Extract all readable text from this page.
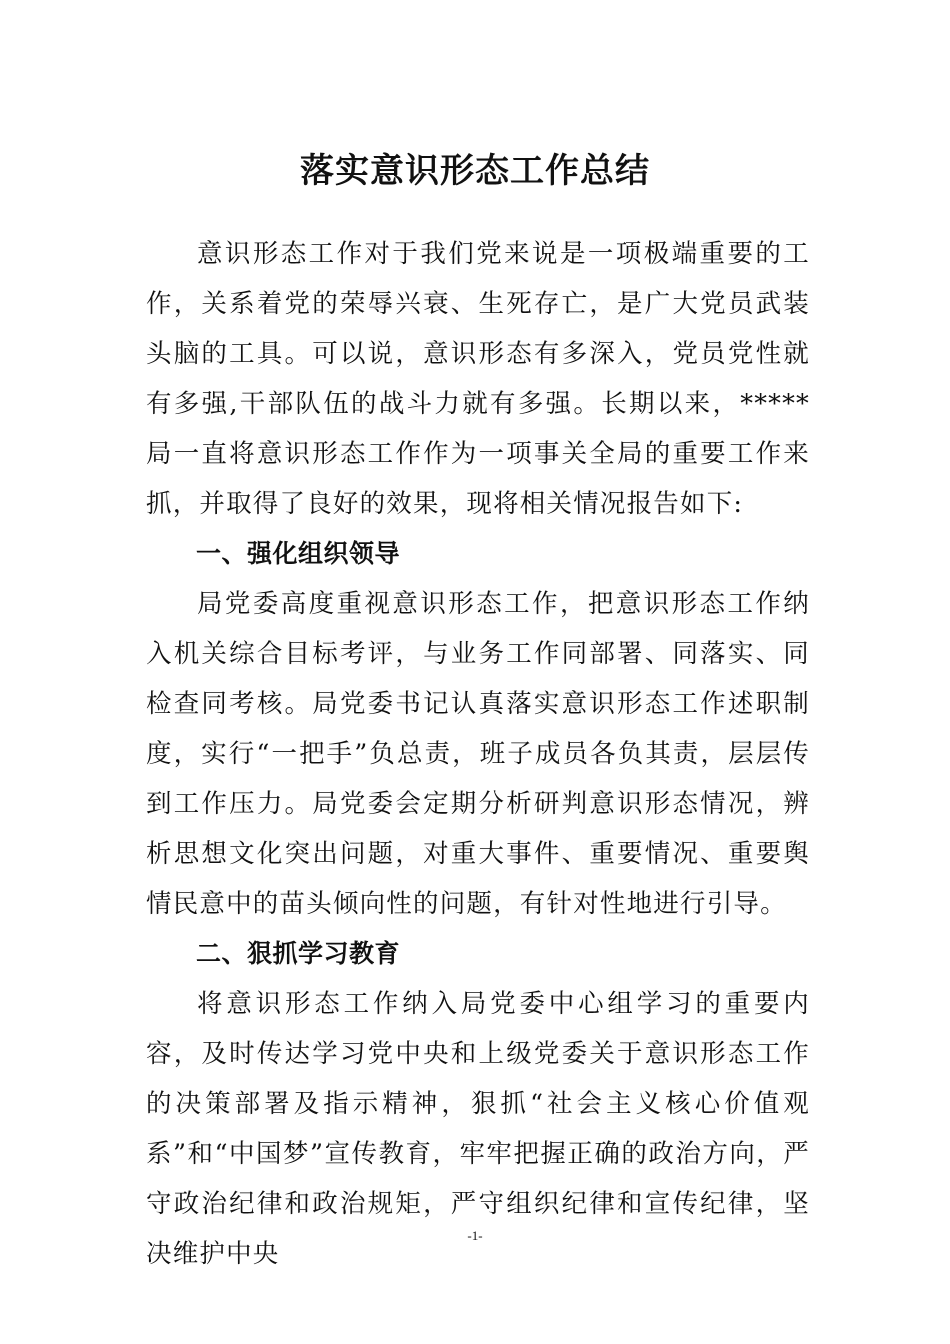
落实意识形态工作总结

意识形态工作对于我们党来说是一项极端重要的工作，关系着党的荣辱兴衰、生死存亡，是广大党员武装头脑的工具。可以说，意识形态有多深入，党员党性就有多强,干部队伍的战斗力就有多强。长期以来，*****局一直将意识形态工作作为一项事关全局的重要工作来抓，并取得了良好的效果，现将相关情况报告如下:

一、强化组织领导

局党委高度重视意识形态工作，把意识形态工作纳入机关综合目标考评，与业务工作同部署、同落实、同检查同考核。局党委书记认真落实意识形态工作述职制度，实行“一把手”负总责，班子成员各负其责，层层传到工作压力。局党委会定期分析研判意识形态情况，辨析思想文化突出问题，对重大事件、重要情况、重要舆情民意中的苗头倾向性的问题，有针对性地进行引导。

二、狠抓学习教育

将意识形态工作纳入局党委中心组学习的重要内容，及时传达学习党中央和上级党委关于意识形态工作的决策部署及指示精神，狠抓“社会主义核心价值观系”和“中国梦”宣传教育，牢牢把握正确的政治方向，严守政治纪律和政治规矩，严守组织纪律和宣传纪律，坚决维护中央

-1-
